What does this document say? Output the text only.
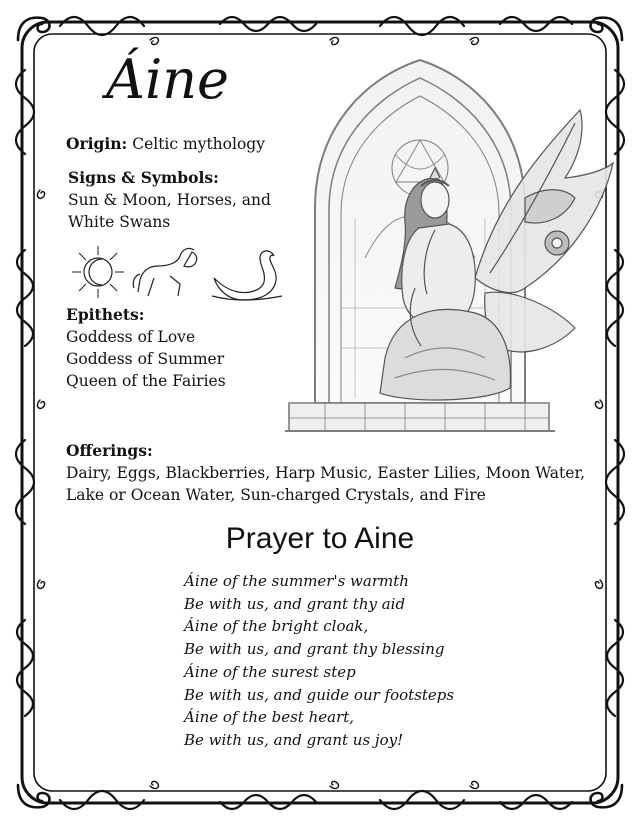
Áine
Origin: Celtic mythology
Signs & Symbols:
Sun & Moon, Horses, and
White Swans
Epithets:
Goddess of Love
Goddess of Summer
Queen of the Fairies
Offerings:
Dairy, Eggs, Blackberries, Harp Music, Easter Lilies, Moon Water,
Lake or Ocean Water, Sun-charged Crystals, and Fire
Prayer to Aine
Áine of the summer's warmth
Be with us, and grant thy aid
Áine of the bright cloak,
Be with us, and grant thy blessing
Áine of the surest step
Be with us, and guide our footsteps
Áine of the best heart,
Be with us, and grant us joy!
